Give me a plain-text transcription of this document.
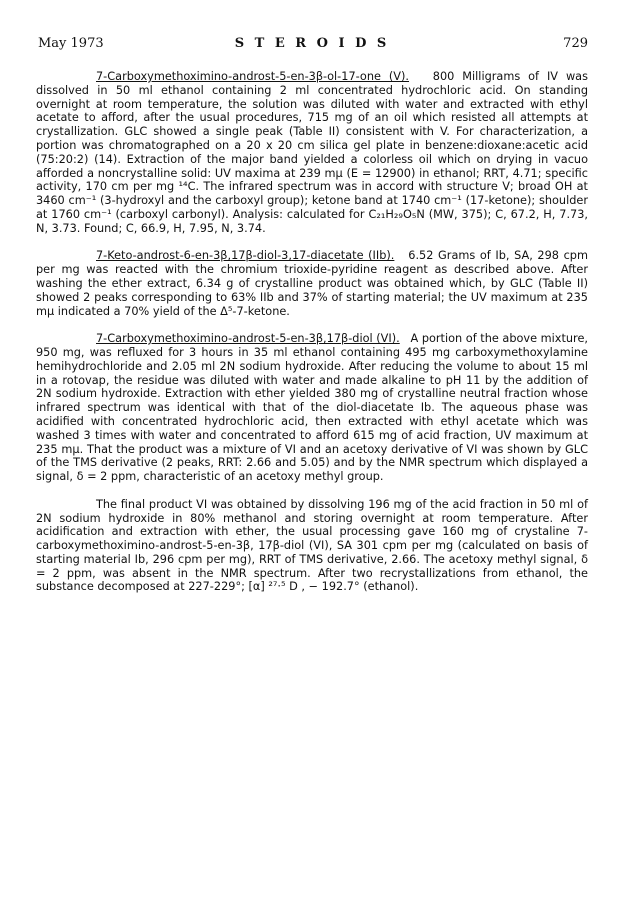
May 1973	S T E R O I D S	729

7-Carboxymethoximino-androst-5-en-3β-ol-17-one (V). 800 Milligrams of IV was dissolved in 50 ml ethanol containing 2 ml concentrated hydrochloric acid. On standing overnight at room temperature, the solution was diluted with water and extracted with ethyl acetate to afford, after the usual procedures, 715 mg of an oil which resisted all attempts at crystallization. GLC showed a single peak (Table II) consistent with V. For characterization, a portion was chromatographed on a 20 x 20 cm silica gel plate in benzene:dioxane:acetic acid (75:20:2) (14). Extraction of the major band yielded a colorless oil which on drying in vacuo afforded a noncrystalline solid: UV maxima at 239 mμ (E = 12900) in ethanol; RRT, 4.71; specific activity, 170 cm per mg ¹⁴C. The infrared spectrum was in accord with structure V; broad OH at 3460 cm⁻¹ (3-hydroxyl and the carboxyl group); ketone band at 1740 cm⁻¹ (17-ketone); shoulder at 1760 cm⁻¹ (carboxyl carbonyl). Analysis: calculated for C₂₁H₂₉O₅N (MW, 375); C, 67.2, H, 7.73, N, 3.73. Found; C, 66.9, H, 7.95, N, 3.74.

7-Keto-androst-6-en-3β,17β-diol-3,17-diacetate (IIb). 6.52 Grams of Ib, SA, 298 cpm per mg was reacted with the chromium trioxide-pyridine reagent as described above. After washing the ether extract, 6.34 g of crystalline product was obtained which, by GLC (Table II) showed 2 peaks corresponding to 63% IIb and 37% of starting material; the UV maximum at 235 mμ indicated a 70% yield of the Δ⁵-7-ketone.

7-Carboxymethoximino-androst-5-en-3β,17β-diol (VI). A portion of the above mixture, 950 mg, was refluxed for 3 hours in 35 ml ethanol containing 495 mg carboxymethoxylamine hemihydrochloride and 2.05 ml 2N sodium hydroxide. After reducing the volume to about 15 ml in a rotovap, the residue was diluted with water and made alkaline to pH 11 by the addition of 2N sodium hydroxide. Extraction with ether yielded 380 mg of crystalline neutral fraction whose infrared spectrum was identical with that of the diol-diacetate Ib. The aqueous phase was acidified with concentrated hydrochloric acid, then extracted with ethyl acetate which was washed 3 times with water and concentrated to afford 615 mg of acid fraction, UV maximum at 235 mμ. That the product was a mixture of VI and an acetoxy derivative of VI was shown by GLC of the TMS derivative (2 peaks, RRT: 2.66 and 5.05) and by the NMR spectrum which displayed a signal, δ = 2 ppm, characteristic of an acetoxy methyl group.

The final product VI was obtained by dissolving 196 mg of the acid fraction in 50 ml of 2N sodium hydroxide in 80% methanol and storing overnight at room temperature. After acidification and extraction with ether, the usual processing gave 160 mg of crystaline 7-carboxymethoximino-androst-5-en-3β, 17β-diol (VI), SA 301 cpm per mg (calculated on basis of starting material Ib, 296 cpm per mg), RRT of TMS derivative, 2.66. The acetoxy methyl signal, δ = 2 ppm, was absent in the NMR spectrum. After two recrystallizations from ethanol, the substance decomposed at 227-229°; [α] ²⁷·⁵ D , − 192.7° (ethanol).
